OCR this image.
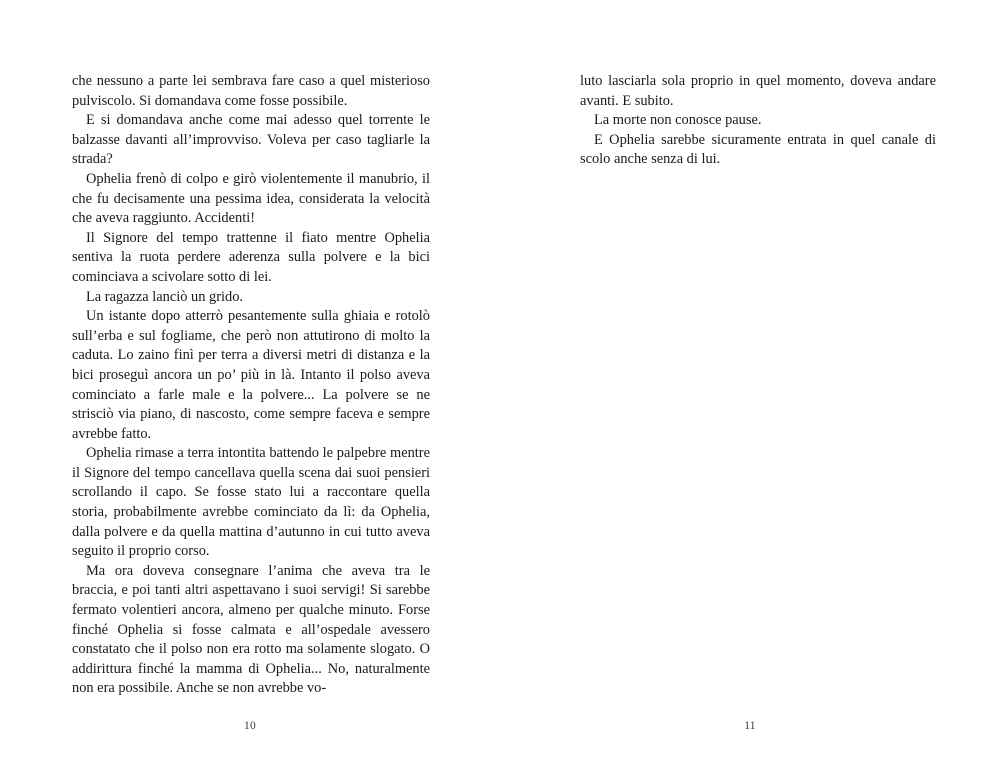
che nessuno a parte lei sembrava fare caso a quel misterioso pulviscolo. Si domandava come fosse possibile.

E si domandava anche come mai adesso quel torrente le balzasse davanti all’improvviso. Voleva per caso tagliarle la strada?

Ophelia frenò di colpo e girò violentemente il manubrio, il che fu decisamente una pessima idea, considerata la velocità che aveva raggiunto. Accidenti!

Il Signore del tempo trattenne il fiato mentre Ophelia sentiva la ruota perdere aderenza sulla polvere e la bici cominciava a scivolare sotto di lei.

La ragazza lanciò un grido.

Un istante dopo atterrò pesantemente sulla ghiaia e rotolò sull’erba e sul fogliame, che però non attutirono di molto la caduta. Lo zaino finì per terra a diversi metri di distanza e la bici proseguì ancora un po’ più in là. Intanto il polso aveva cominciato a farle male e la polvere... La polvere se ne strisciò via piano, di nascosto, come sempre faceva e sempre avrebbe fatto.

Ophelia rimase a terra intontita battendo le palpebre mentre il Signore del tempo cancellava quella scena dai suoi pensieri scrollando il capo. Se fosse stato lui a raccontare quella storia, probabilmente avrebbe cominciato da lì: da Ophelia, dalla polvere e da quella mattina d’autunno in cui tutto aveva seguito il proprio corso.

Ma ora doveva consegnare l’anima che aveva tra le braccia, e poi tanti altri aspettavano i suoi servigi! Si sarebbe fermato volentieri ancora, almeno per qualche minuto. Forse finché Ophelia si fosse calmata e all’ospedale avessero constatato che il polso non era rotto ma solamente slogato. O addirittura finché la mamma di Ophelia... No, naturalmente non era possibile. Anche se non avrebbe vo-

10

luto lasciarla sola proprio in quel momento, doveva andare avanti. E subito.

La morte non conosce pause.

E Ophelia sarebbe sicuramente entrata in quel canale di scolo anche senza di lui.

11
